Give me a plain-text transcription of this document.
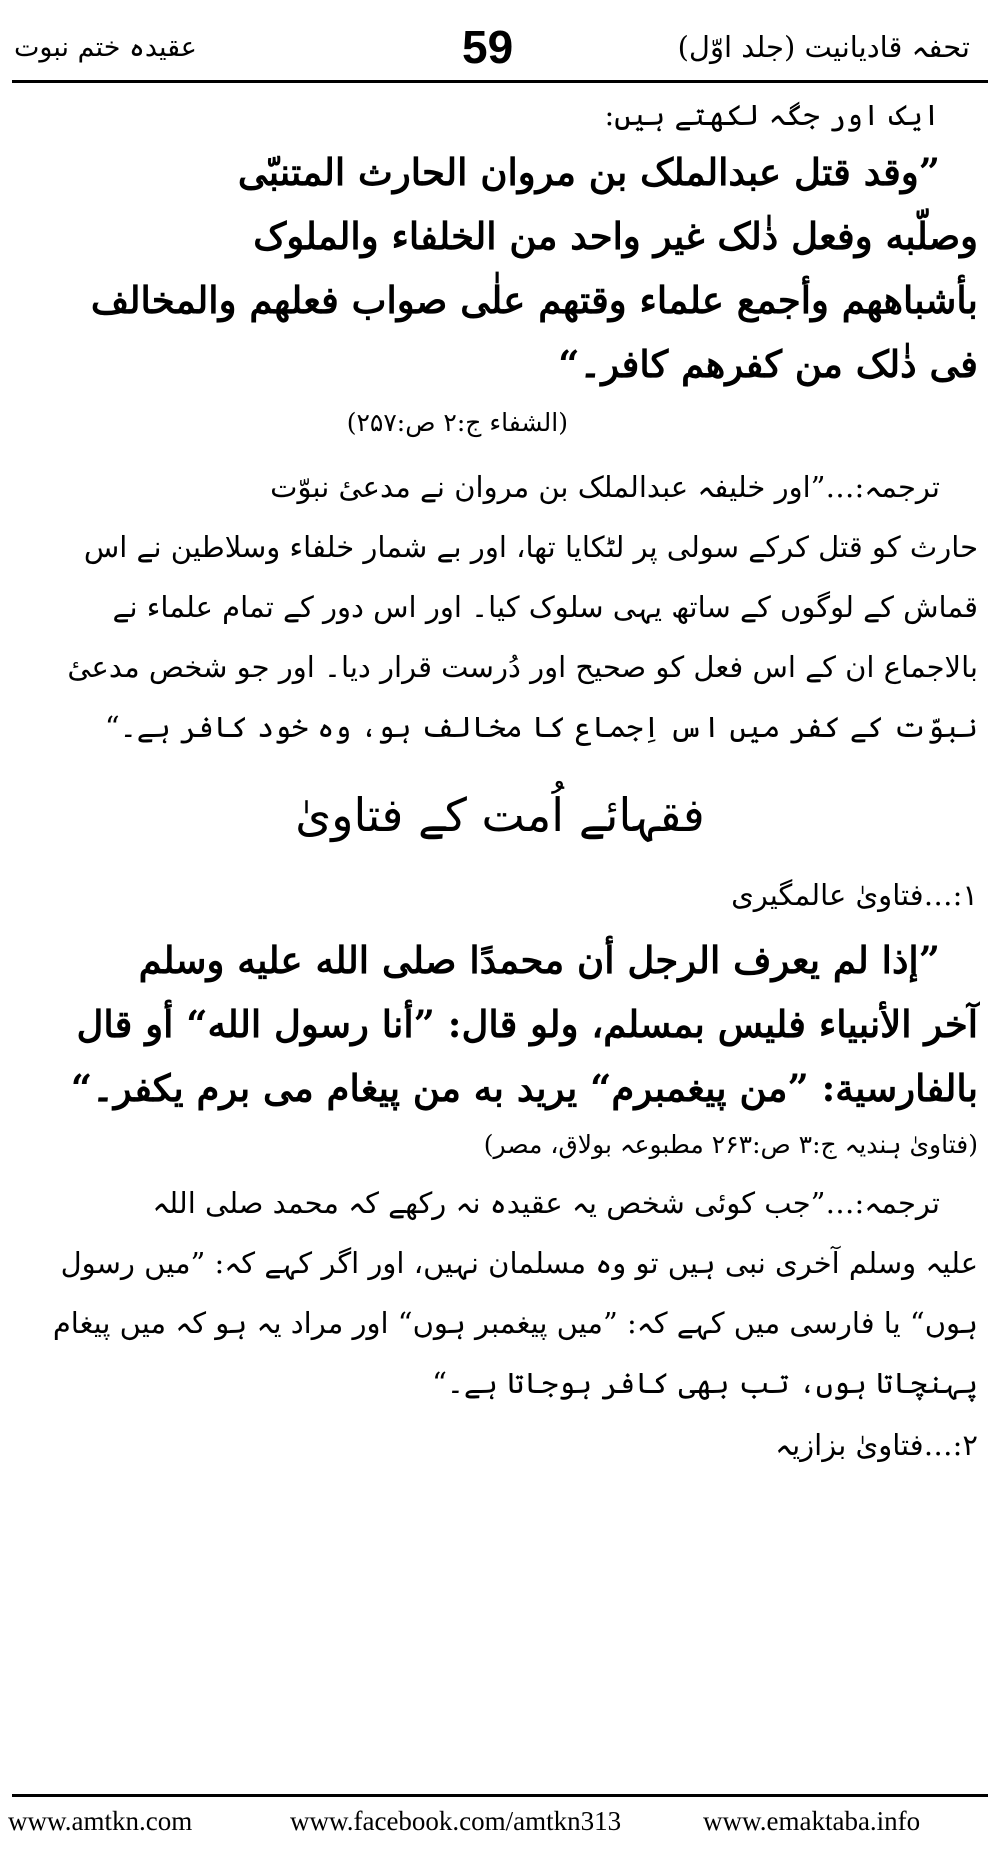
عقیدہ ختم نبوت	59	تحفہ قادیانیت (جلد اوّل)
ایک اور جگہ لکھتے ہیں:
”وقد قتل عبدالملک بن مروان الحارث المتنبّی
وصلّبه وفعل ذٰلک غیر واحد من الخلفاء والملوک
بأشباههم وأجمع علماء وقتهم علٰی صواب فعلهم والمخالف
فی ذٰلک من کفرهم کافر۔“
(الشفاء ج:۲ ص:۲۵۷)
ترجمہ:…”اور خلیفہ عبدالملک بن مروان نے مدعیٔ نبوّت
حارث کو قتل کرکے سولی پر لٹکایا تھا، اور بے شمار خلفاء وسلاطین نے اس
قماش کے لوگوں کے ساتھ یہی سلوک کیا۔ اور اس دور کے تمام علماء نے
بالاجماع ان کے اس فعل کو صحیح اور دُرست قرار دیا۔ اور جو شخص مدعیٔ
نبوّت کے کفر میں اس اِجماع کا مخالف ہو، وہ خود کافر ہے۔“
فقہائے اُمت کے فتاویٰ
۱:…فتاویٰ عالمگیری
”إذا لم یعرف الرجل أن محمدًا صلی الله علیه وسلم
آخر الأنبیاء فلیس بمسلم، ولو قال: ”أنا رسول الله“ أو قال
بالفارسیة: ”من پیغمبرم“ یرید به من پیغام می برم یکفر۔“
(فتاویٰ ہندیہ ج:۳ ص:۲۶۳ مطبوعہ بولاق، مصر)
ترجمہ:…”جب کوئی شخص یہ عقیدہ نہ رکھے کہ محمد صلی اللہ
علیہ وسلم آخری نبی ہیں تو وہ مسلمان نہیں، اور اگر کہے کہ: ”میں رسول
ہوں“ یا فارسی میں کہے کہ: ”میں پیغمبر ہوں“ اور مراد یہ ہو کہ میں پیغام
پہنچاتا ہوں، تب بھی کافر ہوجاتا ہے۔“
۲:…فتاویٰ بزازیہ
www.amtkn.com	www.facebook.com/amtkn313	www.emaktaba.info
